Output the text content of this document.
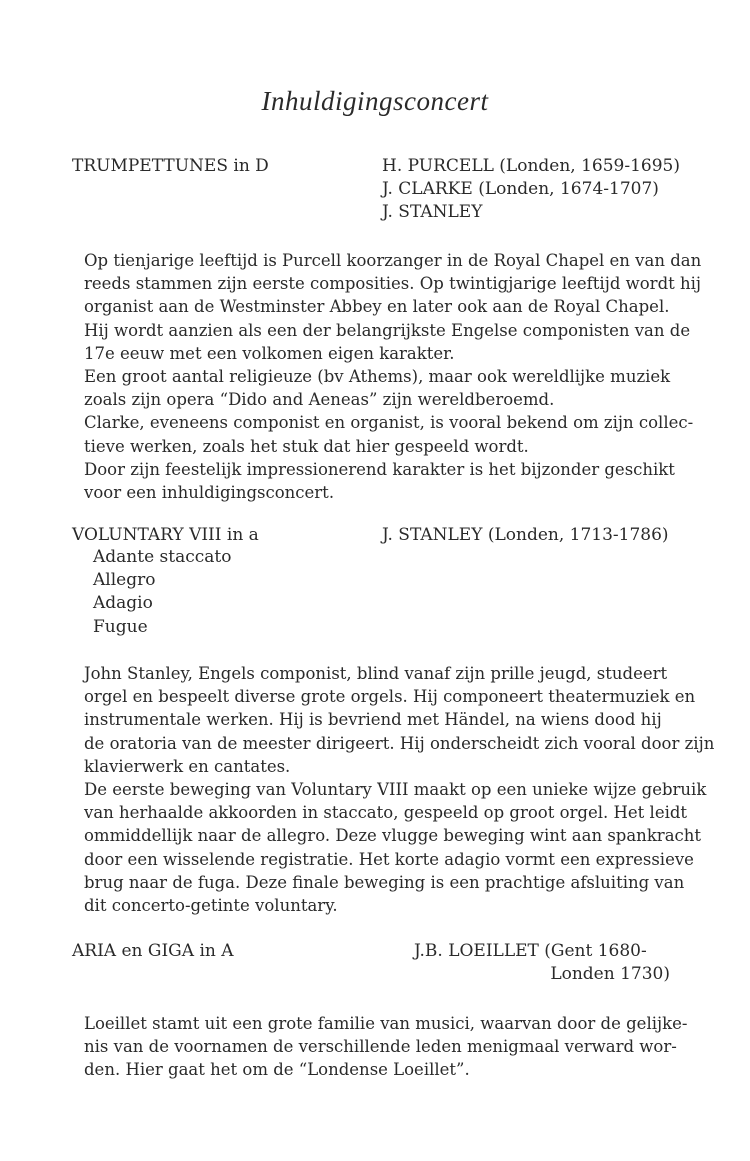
Inhuldigingsconcert
TRUMPETTUNES in D	H. PURCELL (Londen, 1659-1695)
J. CLARKE (Londen, 1674-1707)
J. STANLEY
Op tienjarige leeftijd is Purcell koorzanger in de Royal Chapel en van dan
reeds stammen zijn eerste composities. Op twintigjarige leeftijd wordt hij
organist aan de Westminster Abbey en later ook aan de Royal Chapel.
Hij wordt aanzien als een der belangrijkste Engelse componisten van de
17e eeuw met een volkomen eigen karakter.
Een groot aantal religieuze (bv Athems), maar ook wereldlijke muziek
zoals zijn opera “Dido and Aeneas” zijn wereldberoemd.
Clarke, eveneens componist en organist, is vooral bekend om zijn collec-
tieve werken, zoals het stuk dat hier gespeeld wordt.
Door zijn feestelijk impressionerend karakter is het bijzonder geschikt
voor een inhuldigingsconcert.
VOLUNTARY VIII in a	J. STANLEY (Londen, 1713-1786)
Adante staccato
Allegro
Adagio
Fugue
John Stanley, Engels componist, blind vanaf zijn prille jeugd, studeert
orgel en bespeelt diverse grote orgels. Hij componeert theatermuziek en
instrumentale werken. Hij is bevriend met Händel, na wiens dood hij
de oratoria van de meester dirigeert. Hij onderscheidt zich vooral door zijn
klavierwerk en cantates.
De eerste beweging van Voluntary VIII maakt op een unieke wijze gebruik
van herhaalde akkoorden in staccato, gespeeld op groot orgel. Het leidt
ommiddellijk naar de allegro. Deze vlugge beweging wint aan spankracht
door een wisselende registratie. Het korte adagio vormt een expressieve
brug naar de fuga. Deze finale beweging is een prachtige afsluiting van
dit concerto-getinte voluntary.
ARIA en GIGA in A	J.B. LOEILLET (Gent 1680-
Londen 1730)
Loeillet stamt uit een grote familie van musici, waarvan door de gelijke-
nis van de voornamen de verschillende leden menigmaal verward wor-
den. Hier gaat het om de “Londense Loeillet”.
